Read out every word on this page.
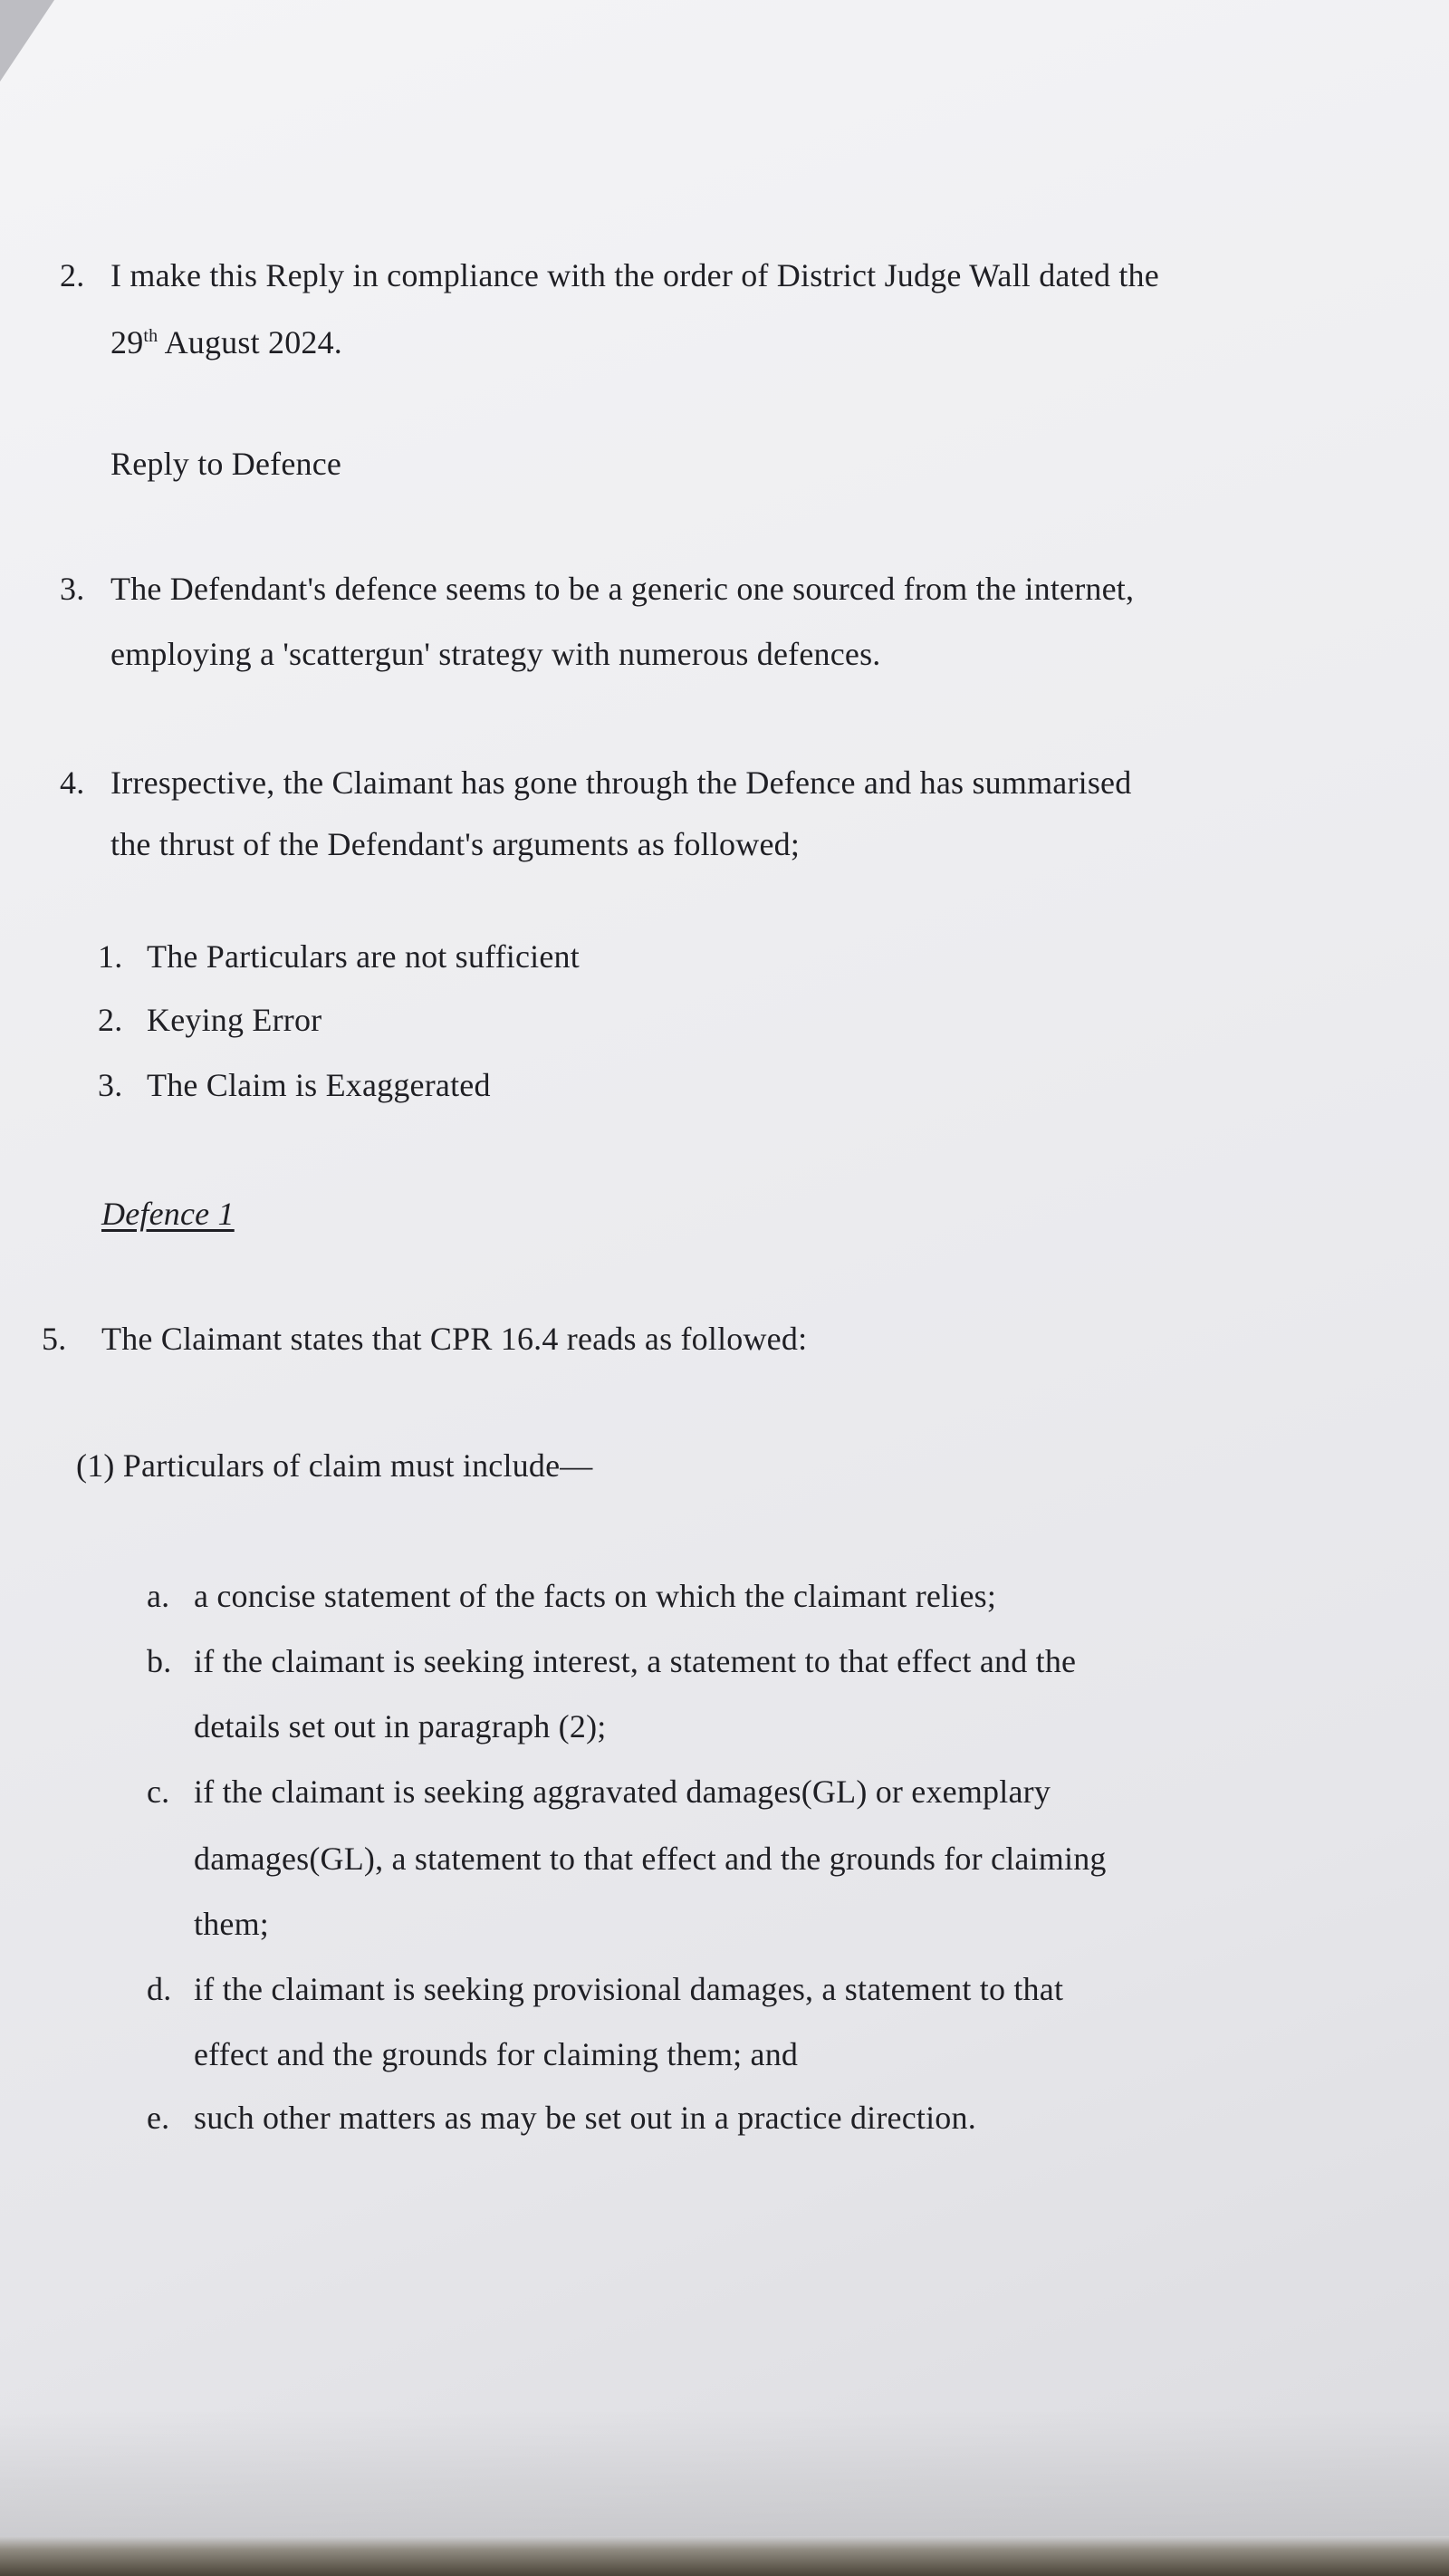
2. I make this Reply in compliance with the order of District Judge Wall dated the
29th August 2024.
Reply to Defence
3. The Defendant's defence seems to be a generic one sourced from the internet,
employing a 'scattergun' strategy with numerous defences.
4. Irrespective, the Claimant has gone through the Defence and has summarised
the thrust of the Defendant's arguments as followed;
1. The Particulars are not sufficient
2. Keying Error
3. The Claim is Exaggerated
Defence 1
5. The Claimant states that CPR 16.4 reads as followed:
(1) Particulars of claim must include—
a. a concise statement of the facts on which the claimant relies;
b. if the claimant is seeking interest, a statement to that effect and the
details set out in paragraph (2);
c. if the claimant is seeking aggravated damages(GL) or exemplary
damages(GL), a statement to that effect and the grounds for claiming
them;
d. if the claimant is seeking provisional damages, a statement to that
effect and the grounds for claiming them; and
e. such other matters as may be set out in a practice direction.
